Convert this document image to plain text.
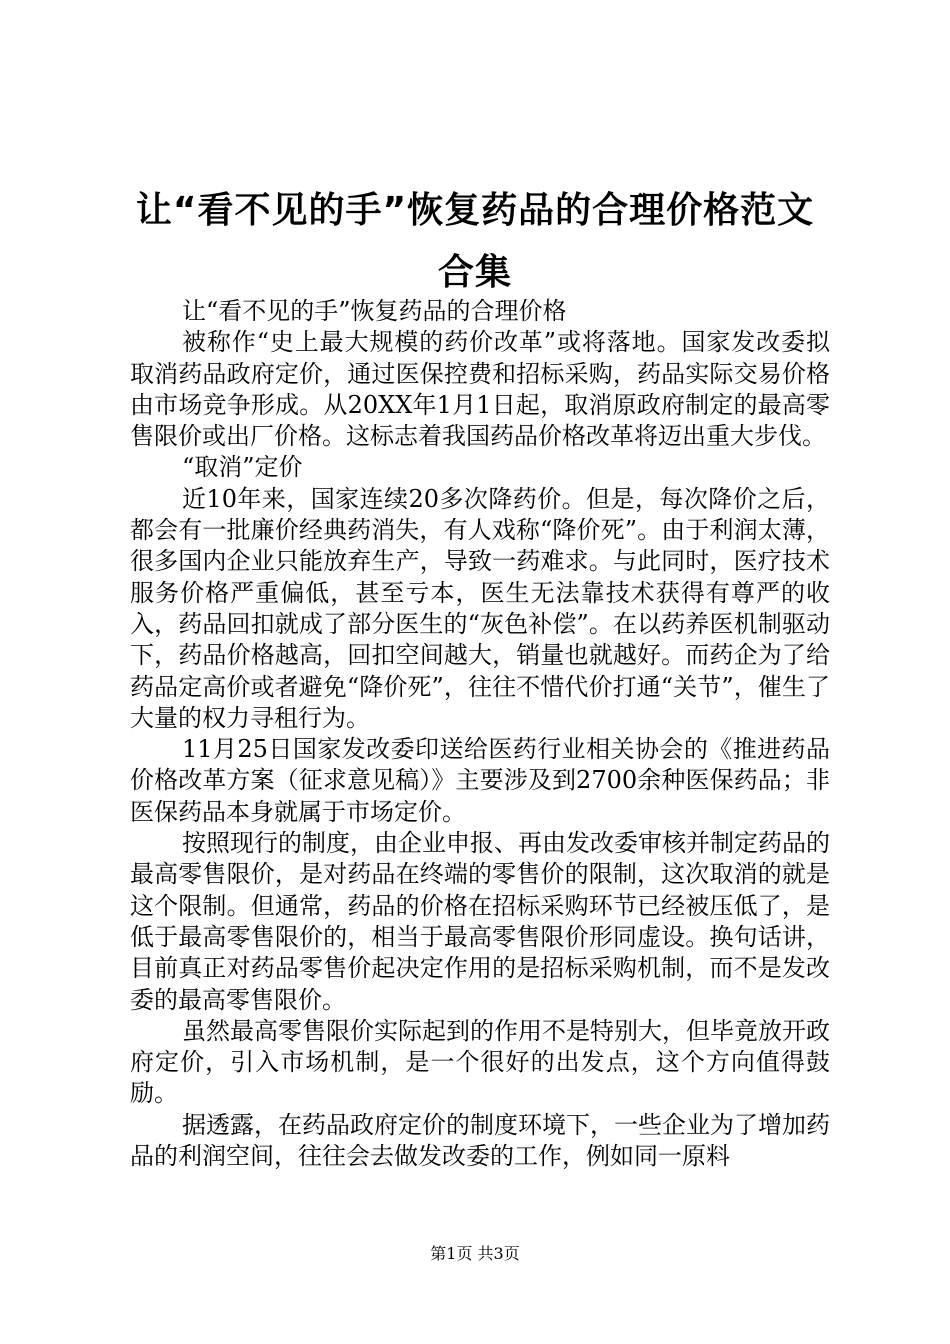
让“看不见的手”恢复药品的合理价格范文合集

让“看不见的手”恢复药品的合理价格

被称作“史上最大规模的药价改革”或将落地。国家发改委拟取消药品政府定价，通过医保控费和招标采购，药品实际交易价格由市场竞争形成。从20XX年1月1日起，取消原政府制定的最高零售限价或出厂价格。这标志着我国药品价格改革将迈出重大步伐。

“取消”定价

近10年来，国家连续20多次降药价。但是，每次降价之后，都会有一批廉价经典药消失，有人戏称“降价死”。由于利润太薄，很多国内企业只能放弃生产，导致一药难求。与此同时，医疗技术服务价格严重偏低，甚至亏本，医生无法靠技术获得有尊严的收入，药品回扣就成了部分医生的“灰色补偿”。在以药养医机制驱动下，药品价格越高，回扣空间越大，销量也就越好。而药企为了给药品定高价或者避免“降价死”，往往不惜代价打通“关节”，催生了大量的权力寻租行为。

11月25日国家发改委印送给医药行业相关协会的《推进药品价格改革方案（征求意见稿）》主要涉及到2700余种医保药品；非医保药品本身就属于市场定价。

按照现行的制度，由企业申报、再由发改委审核并制定药品的最高零售限价，是对药品在终端的零售价的限制，这次取消的就是这个限制。但通常，药品的价格在招标采购环节已经被压低了，是低于最高零售限价的，相当于最高零售限价形同虚设。换句话讲，目前真正对药品零售价起决定作用的是招标采购机制，而不是发改委的最高零售限价。

虽然最高零售限价实际起到的作用不是特别大，但毕竟放开政府定价，引入市场机制，是一个很好的出发点，这个方向值得鼓励。

据透露，在药品政府定价的制度环境下，一些企业为了增加药品的利润空间，往往会去做发改委的工作，例如同一原料

第1页 共3页
